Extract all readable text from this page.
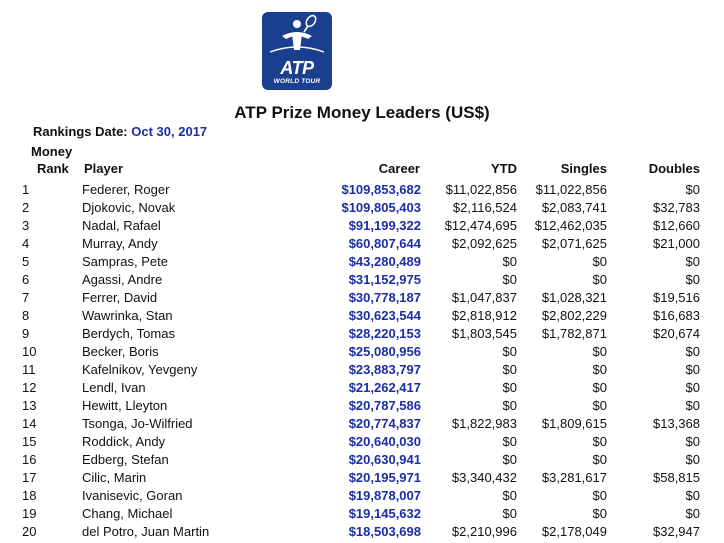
ATP
WORLD TOUR
ATP Prize Money Leaders (US$)
Rankings Date: Oct 30, 2017
Money
Rank Player	Career	YTD	Singles	Doubles
1	Federer, Roger	$109,853,682 $11,022,856 $11,022,856	$0
2	Djokovic, Novak	$109,805,403 $2,116,524 $2,083,741	$32,783
3	Nadal, Rafael	$91,199,322 $12,474,695 $12,462,035	$12,660
4	Murray, Andy	$60,807,644 $2,092,625 $2,071,625	$21,000
5	Sampras, Pete	$43,280,489	$0	$0	$0
6	Agassi, Andre	$31,152,975	$0	$0	$0
7	Ferrer, David	$30,778,187 $1,047,837 $1,028,321	$19,516
8	Wawrinka, Stan	$30,623,544 $2,818,912 $2,802,229	$16,683
9	Berdych, Tomas	$28,220,153 $1,803,545 $1,782,871	$20,674
10	Becker, Boris	$25,080,956	$0	$0	$0
11	Kafelnikov, Yevgeny	$23,883,797	$0	$0	$0
12	Lendl, Ivan	$21,262,417	$0	$0	$0
13	Hewitt, Lleyton	$20,787,586	$0	$0	$0
14	Tsonga, Jo-Wilfried	$20,774,837 $1,822,983 $1,809,615	$13,368
15	Roddick, Andy	$20,640,030	$0	$0	$0
16	Edberg, Stefan	$20,630,941	$0	$0	$0
17	Cilic, Marin	$20,195,971 $3,340,432 $3,281,617	$58,815
18	Ivanisevic, Goran	$19,878,007	$0	$0	$0
19	Chang, Michael	$19,145,632	$0	$0	$0
20	del Potro, Juan Martin	$18,503,698 $2,210,996 $2,178,049	$32,947
